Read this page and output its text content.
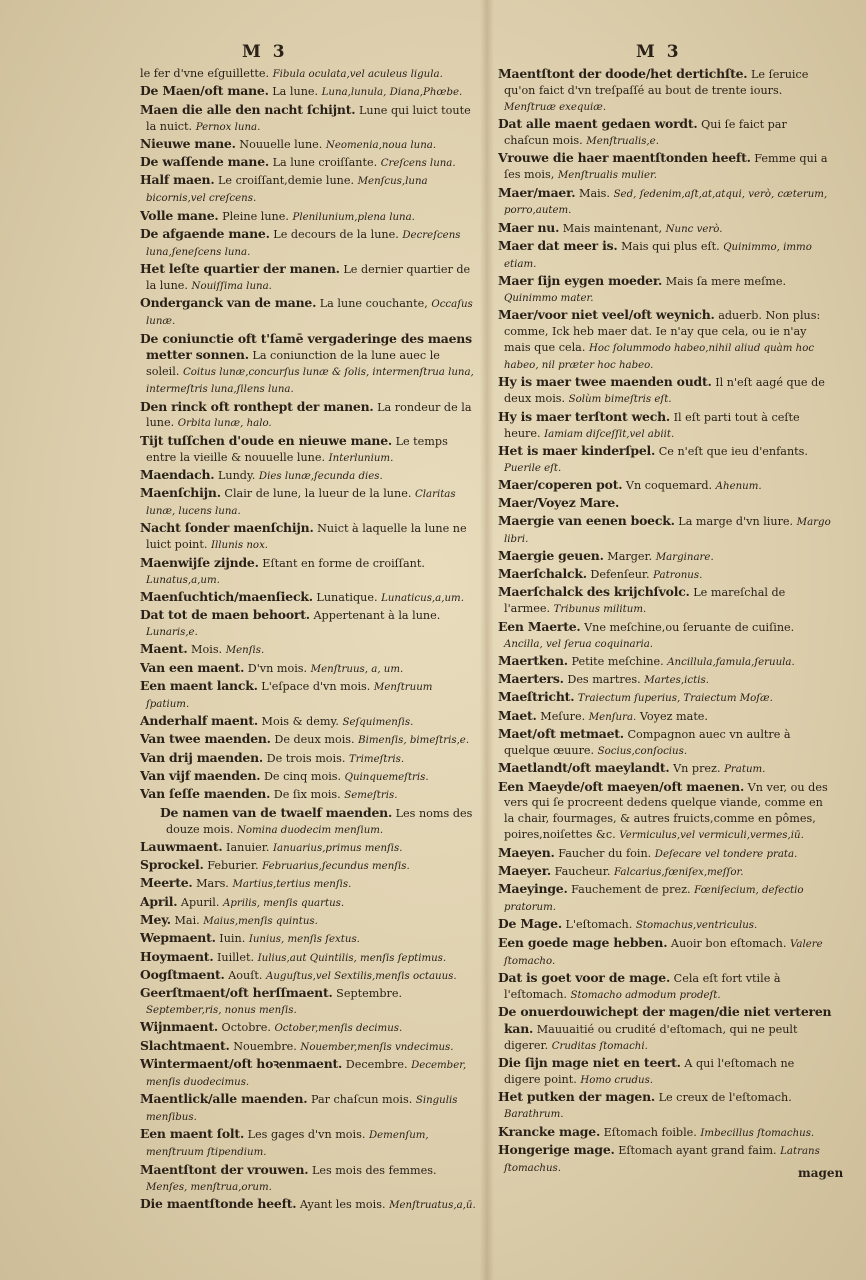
M 3	M 3
le fer d'vne eſguillette. Fibula oculata,vel aculeus ligula.
De Maen/oft mane. La lune. Luna,lunula, Diana,Phœbe.
Maen die alle den nacht ſchijnt. Lune qui luict toute la nuict. Pernox luna.
Nieuwe mane. Nouuelle lune. Neomenia,noua luna.
De waſſende mane. La lune croiſſante. Creſcens luna.
Half maen. Le croiſſant,demie lune. Menſcus,luna bicornis,vel creſcens.
Volle mane. Pleine lune. Plenilunium,plena luna.
De afgaende mane. Le decours de la lune. Decreſcens luna,ſeneſcens luna.
Het leſte quartier der manen. Le dernier quartier de la lune. Nouiſſima luna.
Onderganck van de mane. La lune couchante, Occaſus lunæ.
De coniunctie oft t'ſamē vergaderinge des maens metter sonnen. La coniunction de la lune auec le soleil. Coitus lunæ,concurſus lunæ & ſolis, intermenſtrua luna, intermeſtris luna,ſilens luna.
Den rinck oft ronthept der manen. La rondeur de la lune. Orbita lunæ, halo.
Tijt tuſſchen d'oude en nieuwe mane. Le temps entre la vieille & nouuelle lune. Interlunium.
Maendach. Lundy. Dies lunæ,ſecunda dies.
Maenſchijn. Clair de lune, la lueur de la lune. Claritas lunæ, lucens luna.
Nacht ſonder maenſchijn. Nuict à laquelle la lune ne luict point. Illunis nox.
Maenwijſe zijnde. Eſtant en forme de croiſſant. Lunatus,a,um.
Maenſuchtich/maenſieck. Lunatique. Lunaticus,a,um.
Dat tot de maen behoort. Appertenant à la lune. Lunaris,e.
Maent. Mois. Menſis.
Van een maent. D'vn mois. Menſtruus, a, um.
Een maent lanck. L'eſpace d'vn mois. Menſtruum ſpatium.
Anderhalf maent. Mois & demy. Seſquimenſis.
Van twee maenden. De deux mois. Bimenſis, bimeſtris,e.
Van drij maenden. De trois mois. Trimeſtris.
Van vijf maenden. De cinq mois. Quinquemeſtris.
Van ſeſſe maenden. De ſix mois. Semeſtris.
De namen van de twaelf maenden. Les noms des douze mois. Nomina duodecim menſium.
Lauwmaent. Ianuier. Ianuarius,primus menſis.
Sprockel. Feburier. Februarius,ſecundus menſis.
Meerte. Mars. Martius,tertius menſis.
April. Apuril. Aprilis, menſis quartus.
Mey. Mai. Maius,menſis quintus.
Wepmaent. Iuin. Iunius, menſis ſextus.
Hoymaent. Iuillet. Iulius,aut Quintilis, menſis ſeptimus.
Oogſtmaent. Aouſt. Auguſtus,vel Sextilis,menſis octauus.
Geerſtmaent/oft herſſmaent. Septembre. September,ris, nonus menſis.
Wijnmaent. Octobre. October,menſis decimus.
Slachtmaent. Nouembre. Nouember,menſis vndecimus.
Wintermaent/oft hoꝛenmaent. Decembre. December, menſis duodecimus.
Maentlick/alle maenden. Par chaſcun mois. Singulis menſibus.
Een maent ſolt. Les gages d'vn mois. Demenſum, menſtruum ſtipendium.
Maentſtont der vrouwen. Les mois des femmes. Menſes, menſtrua,orum.
Die maentſtonde heeft. Ayant les mois. Menſtruatus,a,ū.
Maentſtont der doode/het dertichſte. Le ſeruice qu'on faict d'vn treſpaſſé au bout de trente iours. Menſtruæ exequiæ.
Dat alle maent gedaen wordt. Qui ſe faict par chaſcun mois. Menſtrualis,e.
Vrouwe die haer maentſtonden heeft. Femme qui a ſes mois, Menſtrualis mulier.
Maer/maer. Mais. Sed, ſedenim,aſt,at,atqui, verò, cæterum, porro,autem.
Maer nu. Mais maintenant, Nunc verò.
Maer dat meer is. Mais qui plus eſt. Quinimmo, immo etiam.
Maer ſijn eygen moeder. Mais ſa mere meſme. Quinimmo mater.
Maer/voor niet veel/oft weynich. aduerb. Non plus: comme, Ick heb maer dat. Ie n'ay que cela, ou ie n'ay mais que cela. Hoc ſolummodo habeo,nihil aliud quàm hoc habeo, nil præter hoc habeo.
Hy is maer twee maenden oudt. Il n'eſt aagé que de deux mois. Solùm bimeſtris eſt.
Hy is maer terſtont wech. Il eſt parti tout à ceſte heure. Iamiam diſceſſit,vel abiit.
Het is maer kinderſpel. Ce n'eſt que ieu d'enfants. Puerile eſt.
Maer/coperen pot. Vn coquemard. Ahenum.
Maer/Voyez Mare.
Maergie van eenen boeck. La marge d'vn liure. Margo libri.
Maergie geuen. Marger. Marginare.
Maerſchalck. Defenſeur. Patronus.
Maerſchalck des krijchſvolc. Le mareſchal de l'armee. Tribunus militum.
Een Maerte. Vne meſchine,ou ſeruante de cuiſine. Ancilla, vel ſerua coquinaria.
Maertken. Petite meſchine. Ancillula,famula,ſeruula.
Maerters. Des martres. Martes,ictis.
Maeſtricht. Traiectum ſuperius, Traiectum Moſæ.
Maet. Meſure. Menſura. Voyez mate.
Maet/oft metmaet. Compagnon auec vn aultre à quelque œuure. Socius,conſocius.
Maetlandt/oft maeylandt. Vn prez. Pratum.
Een Maeyde/oft maeyen/oft maenen. Vn ver, ou des vers qui ſe procreent dedens quelque viande, comme en la chair, fourmages, & autres fruicts,comme en pômes, poires,noiſettes &c. Vermiculus,vel vermiculi,vermes,iū.
Maeyen. Faucher du foin. Deſecare vel tondere prata.
Maeyer. Faucheur. Falcarius,fœniſex,meſſor.
Maeyinge. Fauchement de prez. Fœniſecium, defectio pratorum.
De Mage. L'eſtomach. Stomachus,ventriculus.
Een goede mage hebben. Auoir bon eſtomach. Valere ſtomacho.
Dat is goet voor de mage. Cela eſt fort vtile à l'eſtomach. Stomacho admodum prodeſt.
De onuerdouwichept der magen/die niet verteren kan. Mauuaitié ou crudité d'eſtomach, qui ne peult digerer. Cruditas ſtomachi.
Die ſijn mage niet en teert. A qui l'eſtomach ne digere point. Homo crudus.
Het putken der magen. Le creux de l'eſtomach. Barathrum.
Krancke mage. Eſtomach foible. Imbecillus ſtomachus.
Hongerige mage. Eſtomach ayant grand faim. Latrans ſtomachus.	magen
